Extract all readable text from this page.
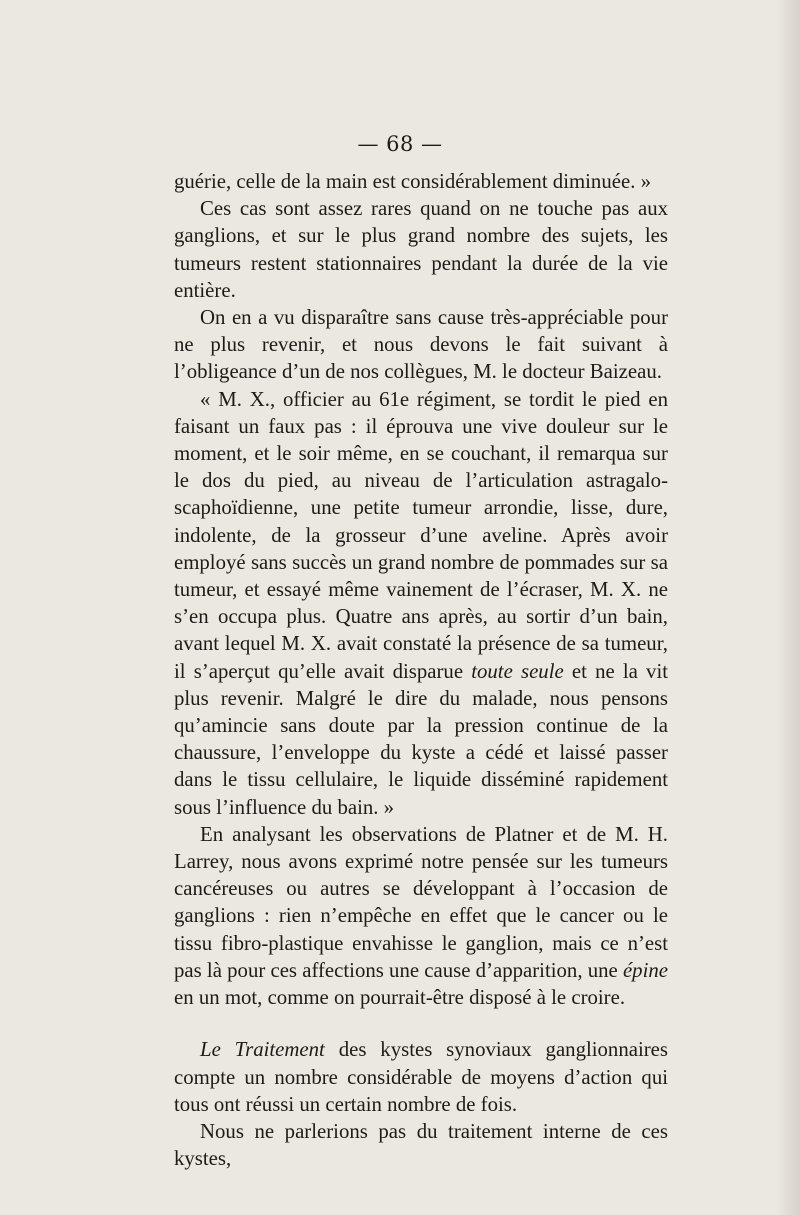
— 68 —

guérie, celle de la main est considérablement diminuée. »

Ces cas sont assez rares quand on ne touche pas aux ganglions, et sur le plus grand nombre des sujets, les tumeurs restent stationnaires pendant la durée de la vie entière.

On en a vu disparaître sans cause très-appréciable pour ne plus revenir, et nous devons le fait suivant à l’obligeance d’un de nos collègues, M. le docteur Baizeau.

« M. X., officier au 61e régiment, se tordit le pied en faisant un faux pas : il éprouva une vive douleur sur le moment, et le soir même, en se couchant, il remarqua sur le dos du pied, au niveau de l’articulation astragalo-scaphoïdienne, une petite tumeur arrondie, lisse, dure, indolente, de la grosseur d’une aveline. Après avoir employé sans succès un grand nombre de pommades sur sa tumeur, et essayé même vainement de l’écraser, M. X. ne s’en occupa plus. Quatre ans après, au sortir d’un bain, avant lequel M. X. avait constaté la présence de sa tumeur, il s’aperçut qu’elle avait disparue toute seule et ne la vit plus revenir. Malgré le dire du malade, nous pensons qu’amincie sans doute par la pression continue de la chaussure, l’enveloppe du kyste a cédé et laissé passer dans le tissu cellulaire, le liquide disséminé rapidement sous l’influence du bain. »

En analysant les observations de Platner et de M. H. Larrey, nous avons exprimé notre pensée sur les tumeurs cancéreuses ou autres se développant à l’occasion de ganglions : rien n’empêche en effet que le cancer ou le tissu fibro-plastique envahisse le ganglion, mais ce n’est pas là pour ces affections une cause d’apparition, une épine en un mot, comme on pourrait-être disposé à le croire.

Le Traitement des kystes synoviaux ganglionnaires compte un nombre considérable de moyens d’action qui tous ont réussi un certain nombre de fois.

Nous ne parlerions pas du traitement interne de ces kystes,
